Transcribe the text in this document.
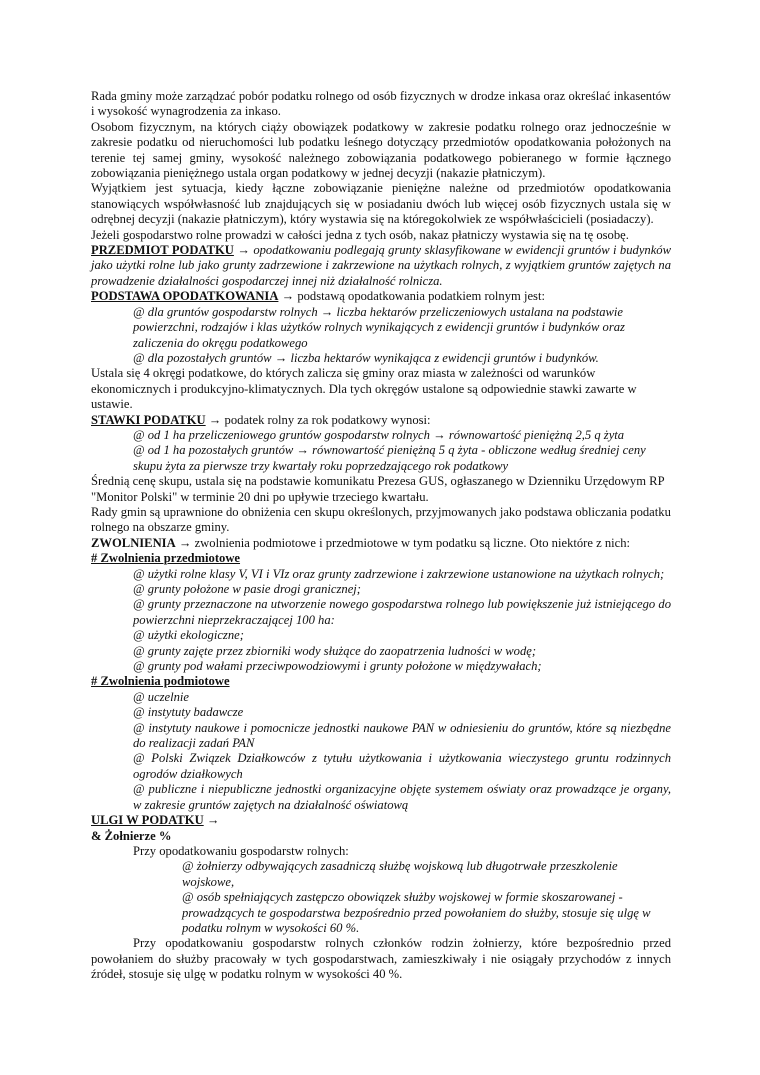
Rada gminy może zarządzać pobór podatku rolnego od osób fizycznych w drodze inkasa oraz określać inkasentów i wysokość wynagrodzenia za inkaso.

Osobom fizycznym, na których ciąży obowiązek podatkowy w zakresie podatku rolnego oraz jednocześnie w zakresie podatku od nieruchomości lub podatku leśnego dotyczący przedmiotów opodatkowania położonych na terenie tej samej gminy, wysokość należnego zobowiązania podatkowego pobieranego w formie łącznego zobowiązania pieniężnego ustala organ podatkowy w jednej decyzji (nakazie płatniczym).

Wyjątkiem jest sytuacja, kiedy łączne zobowiązanie pieniężne należne od przedmiotów opodatkowania stanowiących współwłasność lub znajdujących się w posiadaniu dwóch lub więcej osób fizycznych ustala się w odrębnej decyzji (nakazie płatniczym), który wystawia się na któregokolwiek ze współwłaścicieli (posiadaczy).

Jeżeli gospodarstwo rolne prowadzi w całości jedna z tych osób, nakaz płatniczy wystawia się na tę osobę.

PRZEDMIOT PODATKU → opodatkowaniu podlegają grunty sklasyfikowane w ewidencji gruntów i budynków jako użytki rolne lub jako grunty zadrzewione i zakrzewione na użytkach rolnych, z wyjątkiem gruntów zajętych na prowadzenie działalności gospodarczej innej niż działalność rolnicza.

PODSTAWA OPODATKOWANIA → podstawą opodatkowania podatkiem rolnym jest:

@ dla gruntów gospodarstw rolnych → liczba hektarów przeliczeniowych ustalana na podstawie powierzchni, rodzajów i klas użytków rolnych wynikających z ewidencji gruntów i budynków oraz zaliczenia do okręgu podatkowego

@ dla pozostałych gruntów → liczba hektarów wynikająca z ewidencji gruntów i budynków.

Ustala się 4 okręgi podatkowe, do których zalicza się gminy oraz miasta w zależności od warunków ekonomicznych i produkcyjno-klimatycznych. Dla tych okręgów ustalone są odpowiednie stawki zawarte w ustawie.

STAWKI PODATKU → podatek rolny za rok podatkowy wynosi:

@ od 1 ha przeliczeniowego gruntów gospodarstw rolnych → równowartość pieniężną 2,5 q żyta

@ od 1 ha pozostałych gruntów → równowartość pieniężną 5 q żyta - obliczone według średniej ceny skupu żyta za pierwsze trzy kwartały roku poprzedzającego rok podatkowy

Średnią cenę skupu, ustala się na podstawie komunikatu Prezesa GUS, ogłaszanego w Dzienniku Urzędowym RP "Monitor Polski" w terminie 20 dni po upływie trzeciego kwartału.

Rady gmin są uprawnione do obniżenia cen skupu określonych, przyjmowanych jako podstawa obliczania podatku rolnego na obszarze gminy.

ZWOLNIENIA → zwolnienia podmiotowe i przedmiotowe w tym podatku są liczne. Oto niektóre z nich:

# Zwolnienia przedmiotowe

@ użytki rolne klasy V, VI i VIz oraz grunty zadrzewione i zakrzewione ustanowione na użytkach rolnych;

@ grunty położone w pasie drogi granicznej;

@ grunty przeznaczone na utworzenie nowego gospodarstwa rolnego lub powiększenie już istniejącego do powierzchni nieprzekraczającej 100 ha:

@ użytki ekologiczne;

@ grunty zajęte przez zbiorniki wody służące do zaopatrzenia ludności w wodę;

@ grunty pod wałami przeciwpowodziowymi i grunty położone w międzywałach;

# Zwolnienia podmiotowe

@ uczelnie

@ instytuty badawcze

@ instytuty naukowe i pomocnicze jednostki naukowe PAN w odniesieniu do gruntów, które są niezbędne do realizacji zadań PAN

@ Polski Związek Działkowców z tytułu użytkowania i użytkowania wieczystego gruntu rodzinnych ogrodów działkowych

@ publiczne i niepubliczne jednostki organizacyjne objęte systemem oświaty oraz prowadzące je organy, w zakresie gruntów zajętych na działalność oświatową

ULGI W PODATKU →

& Żołnierze %

Przy opodatkowaniu gospodarstw rolnych:

@ żołnierzy odbywających zasadniczą służbę wojskową lub długotrwałe przeszkolenie wojskowe,

@ osób spełniających zastępczo obowiązek służby wojskowej w formie skoszarowanej - prowadzących te gospodarstwa bezpośrednio przed powołaniem do służby, stosuje się ulgę w podatku rolnym w wysokości 60 %.

Przy opodatkowaniu gospodarstw rolnych członków rodzin żołnierzy, które bezpośrednio przed powołaniem do służby pracowały w tych gospodarstwach, zamieszkiwały i nie osiągały przychodów z innych źródeł, stosuje się ulgę w podatku rolnym w wysokości 40 %.
